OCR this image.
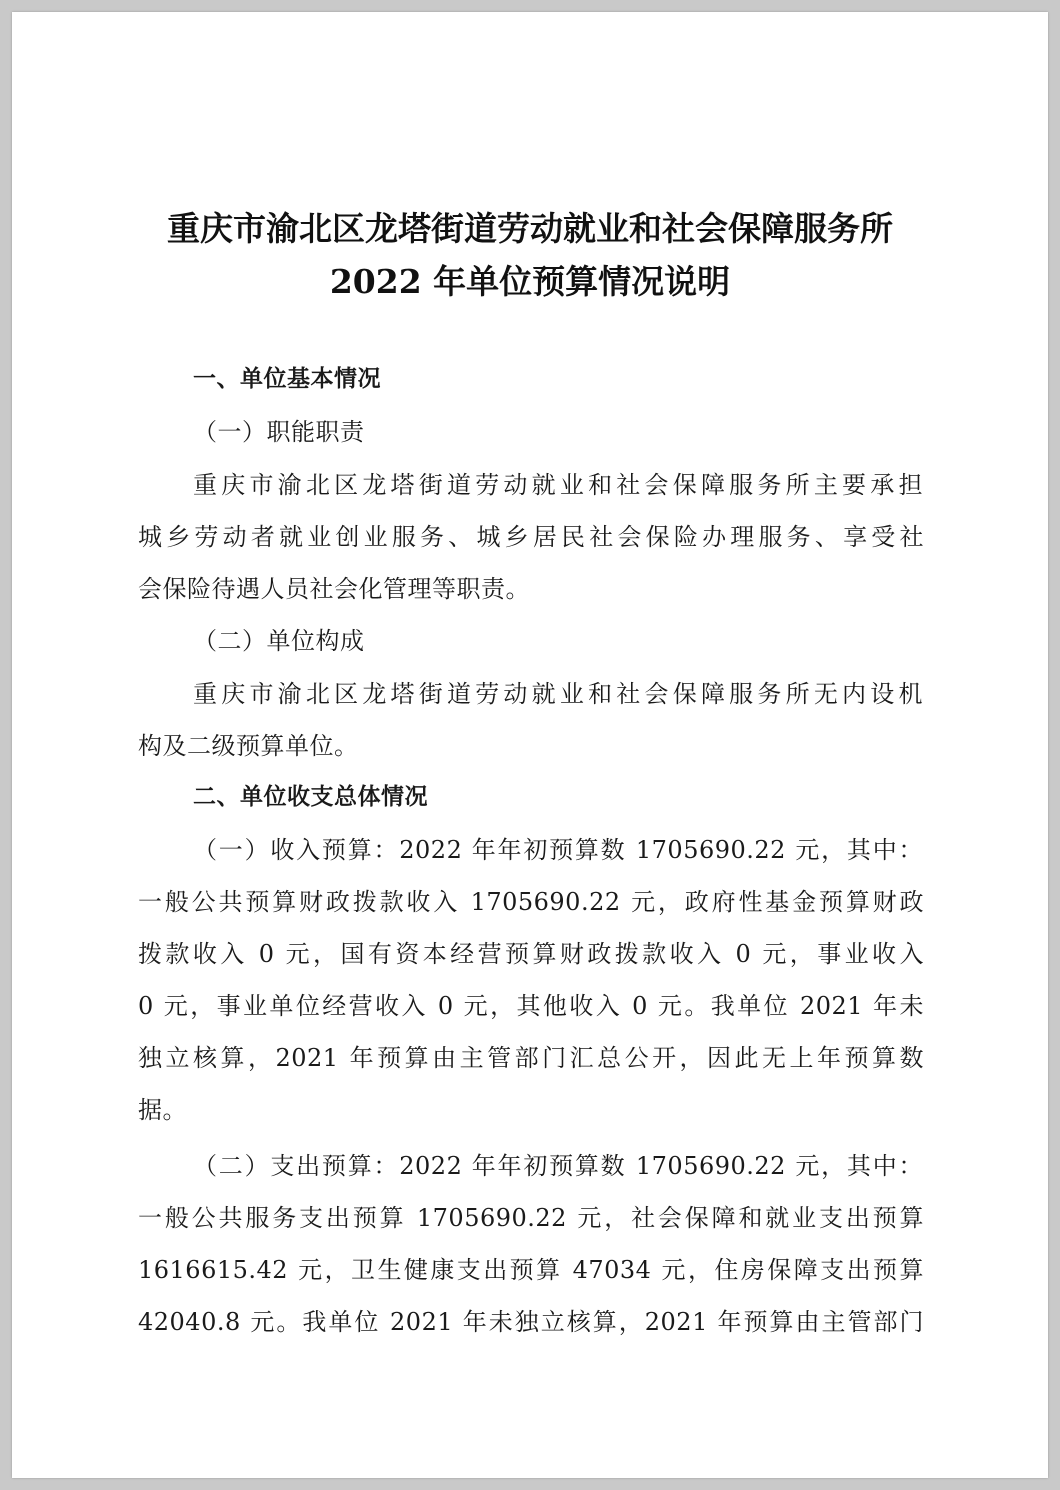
重庆市渝北区龙塔街道劳动就业和社会保障服务所
2022 年单位预算情况说明
一、单位基本情况
（一）职能职责
重庆市渝北区龙塔街道劳动就业和社会保障服务所主要承担
城乡劳动者就业创业服务、城乡居民社会保险办理服务、享受社
会保险待遇人员社会化管理等职责。
（二）单位构成
重庆市渝北区龙塔街道劳动就业和社会保障服务所无内设机
构及二级预算单位。
二、单位收支总体情况
（一）收入预算：2022 年年初预算数 1705690.22 元，其中：
一般公共预算财政拨款收入 1705690.22 元，政府性基金预算财政
拨款收入 0 元，国有资本经营预算财政拨款收入 0 元，事业收入
0 元，事业单位经营收入 0 元，其他收入 0 元。我单位 2021 年未
独立核算，2021 年预算由主管部门汇总公开，因此无上年预算数
据。
（二）支出预算：2022 年年初预算数 1705690.22 元，其中：
一般公共服务支出预算 1705690.22 元，社会保障和就业支出预算
1616615.42 元，卫生健康支出预算 47034 元，住房保障支出预算
42040.8 元。我单位 2021 年未独立核算，2021 年预算由主管部门
